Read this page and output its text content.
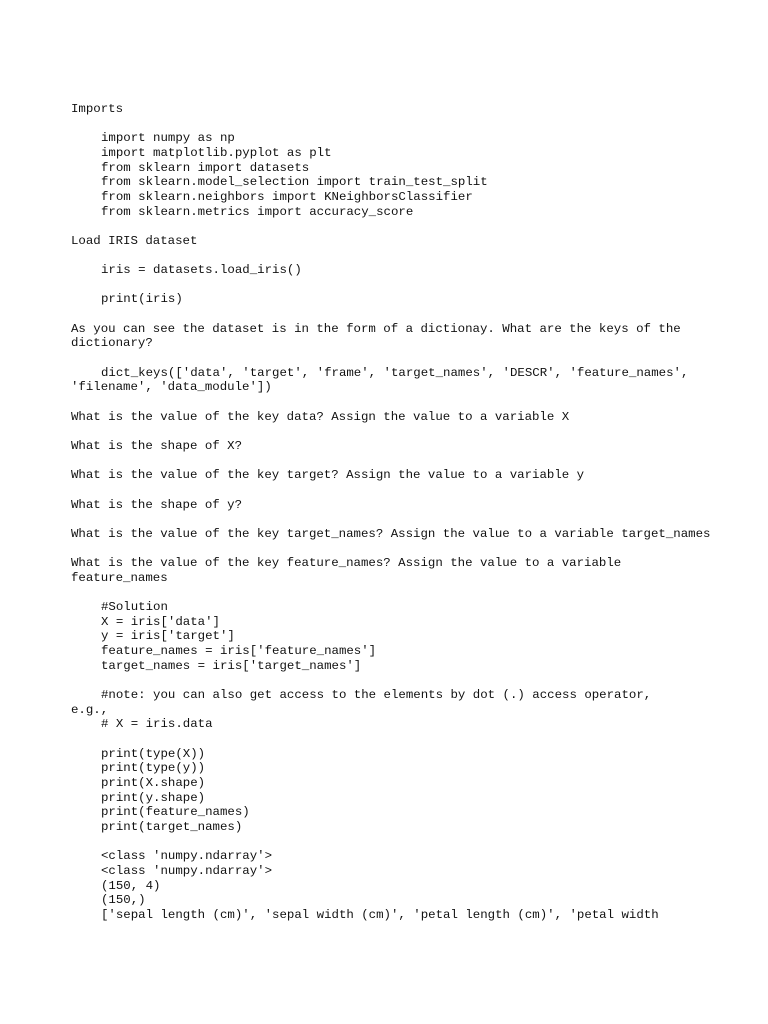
Imports

import numpy as np

import matplotlib.pyplot as plt

from sklearn import datasets

from sklearn.model_selection import train_test_split

from sklearn.neighbors import KNeighborsClassifier

from sklearn.metrics import accuracy_score

Load IRIS dataset

iris = datasets.load_iris()

print(iris)

As you can see the dataset is in the form of a dictionay. What are the keys of the dictionary?

dict_keys(['data', 'target', 'frame', 'target_names', 'DESCR', 'feature_names',

'filename', 'data_module'])

What is the value of the key data? Assign the value to a variable X

What is the shape of X?

What is the value of the key target? Assign the value to a variable y

What is the shape of y?

What is the value of the key target_names? Assign the value to a variable target_names

What is the value of the key feature_names? Assign the value to a variable feature_names

#Solution

X = iris['data']

y = iris['target']

feature_names = iris['feature_names']

target_names = iris['target_names']

#note: you can also get access to the elements by dot (.) access operator,

e.g.,

# X = iris.data

print(type(X))

print(type(y))

print(X.shape)

print(y.shape)

print(feature_names)

print(target_names)

<class 'numpy.ndarray'>

<class 'numpy.ndarray'>

(150, 4)

(150,)

['sepal length (cm)', 'sepal width (cm)', 'petal length (cm)', 'petal width
